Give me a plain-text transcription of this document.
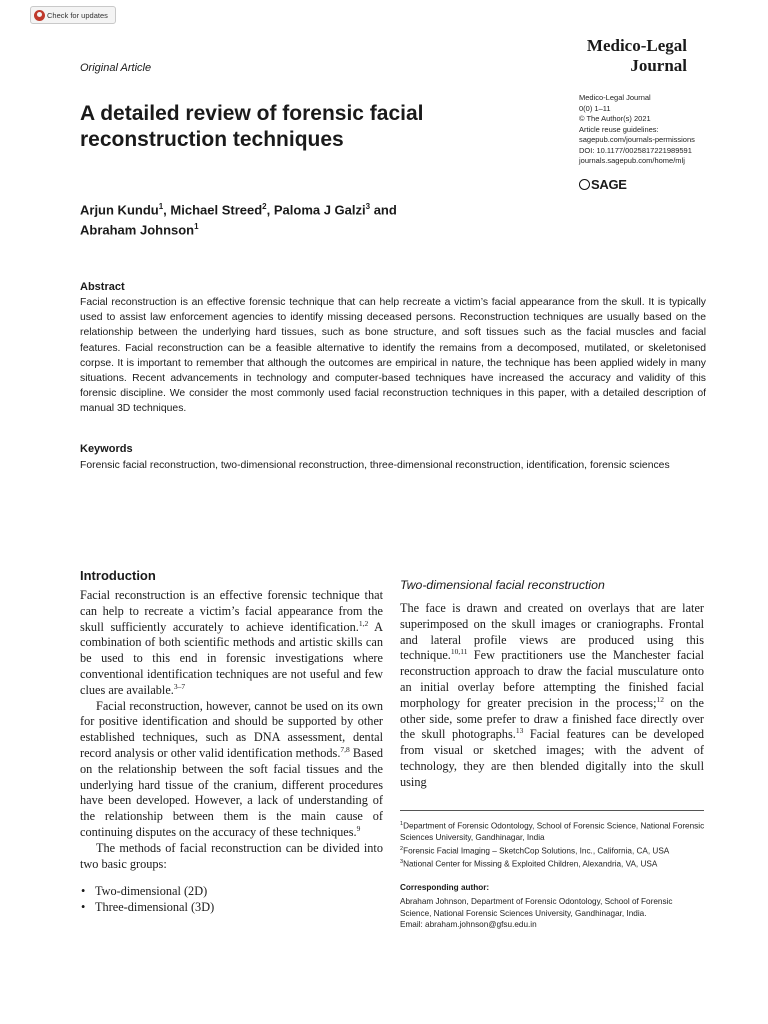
Check for updates
Medico-Legal
Journal
Original Article
A detailed review of forensic facial reconstruction techniques
Medico-Legal Journal
0(0) 1–11
© The Author(s) 2021
Article reuse guidelines:
sagepub.com/journals-permissions
DOI: 10.1177/0025817221989591
journals.sagepub.com/home/mlj
SAGE
Arjun Kundu$^1$, Michael Streed$^2$, Paloma J Galzi$^3$ and
Abraham Johnson$^1$
Abstract
Facial reconstruction is an effective forensic technique that can help recreate a victim’s facial appearance from the skull. It is typically used to assist law enforcement agencies to identify missing deceased persons. Reconstruction techniques are usually based on the relationship between the underlying hard tissues, such as bone structure, and soft tissues such as the facial muscles and facial features. Facial reconstruction can be a feasible alternative to identify the remains from a decomposed, mutilated, or skeletonised corpse. It is important to remember that although the outcomes are empirical in nature, the technique has been applied widely in many situations. Recent advancements in technology and computer-based techniques have increased the accuracy and validity of this forensic discipline. We consider the most commonly used facial reconstruction techniques in this paper, with a detailed description of manual 3D techniques.
Keywords
Forensic facial reconstruction, two-dimensional reconstruction, three-dimensional reconstruction, identification, forensic sciences
Introduction

Facial reconstruction is an effective forensic technique that can help to recreate a victim’s facial appearance from the skull sufficiently accurately to achieve identification.$^{1,2}$ A combination of both scientific methods and artistic skills can be used to this end in forensic investigations where conventional identification techniques are not useful and few clues are available.$^{3-7}$

Facial reconstruction, however, cannot be used on its own for positive identification and should be supported by other established techniques, such as DNA assessment, dental record analysis or other valid identification methods.$^{7,8}$ Based on the relationship between the soft facial tissues and the underlying hard tissue of the cranium, different procedures have been developed. However, a lack of understanding of the relationship between them is the main cause of continuing disputes on the accuracy of these techniques.$^9$

The methods of facial reconstruction can be divided into two basic groups:

• Two-dimensional (2D)
• Three-dimensional (3D)
Two-dimensional facial reconstruction

The face is drawn and created on overlays that are later superimposed on the skull images or craniographs. Frontal and lateral profile views are produced using this technique.$^{10,11}$ Few practitioners use the Manchester facial reconstruction approach to draw the facial musculature onto an initial overlay before attempting the finished facial morphology for greater precision in the process;$^{12}$ on the other side, some prefer to draw a finished face directly over the skull photographs.$^{13}$ Facial features can be developed from visual or sketched images; with the advent of technology, they are then blended digitally into the skull using

$^1$Department of Forensic Odontology, School of Forensic Science, National Forensic Sciences University, Gandhinagar, India
$^2$Forensic Facial Imaging – SketchCop Solutions, Inc., California, CA, USA
$^3$National Center for Missing & Exploited Children, Alexandria, VA, USA
Corresponding author:
Abraham Johnson, Department of Forensic Odontology, School of Forensic Science, National Forensic Sciences University, Gandhinagar, India.
Email: abraham.johnson@gfsu.edu.in
